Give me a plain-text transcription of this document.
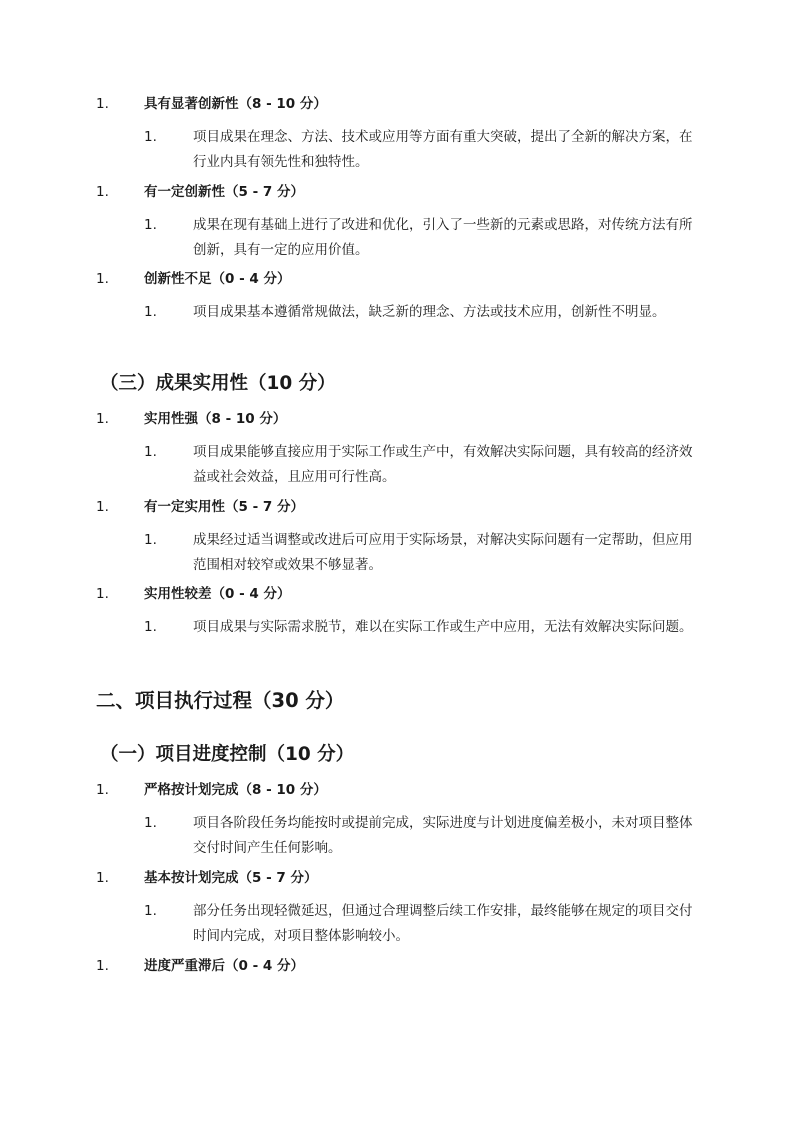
1.	具有显著创新性（8 - 10 分）
1.	项目成果在理念、方法、技术或应用等方面有重大突破，提出了全新的解决方案，在行业内具有领先性和独特性。
1.	有一定创新性（5 - 7 分）
1.	成果在现有基础上进行了改进和优化，引入了一些新的元素或思路，对传统方法有所创新，具有一定的应用价值。
1.	创新性不足（0 - 4 分）
1.	项目成果基本遵循常规做法，缺乏新的理念、方法或技术应用，创新性不明显。
（三）成果实用性（10 分）
1.	实用性强（8 - 10 分）
1.	项目成果能够直接应用于实际工作或生产中，有效解决实际问题，具有较高的经济效益或社会效益，且应用可行性高。
1.	有一定实用性（5 - 7 分）
1.	成果经过适当调整或改进后可应用于实际场景，对解决实际问题有一定帮助，但应用范围相对较窄或效果不够显著。
1.	实用性较差（0 - 4 分）
1.	项目成果与实际需求脱节，难以在实际工作或生产中应用，无法有效解决实际问题。
二、项目执行过程（30 分）
（一）项目进度控制（10 分）
1.	严格按计划完成（8 - 10 分）
1.	项目各阶段任务均能按时或提前完成，实际进度与计划进度偏差极小，未对项目整体交付时间产生任何影响。
1.	基本按计划完成（5 - 7 分）
1.	部分任务出现轻微延迟，但通过合理调整后续工作安排，最终能够在规定的项目交付时间内完成，对项目整体影响较小。
1.	进度严重滞后（0 - 4 分）
